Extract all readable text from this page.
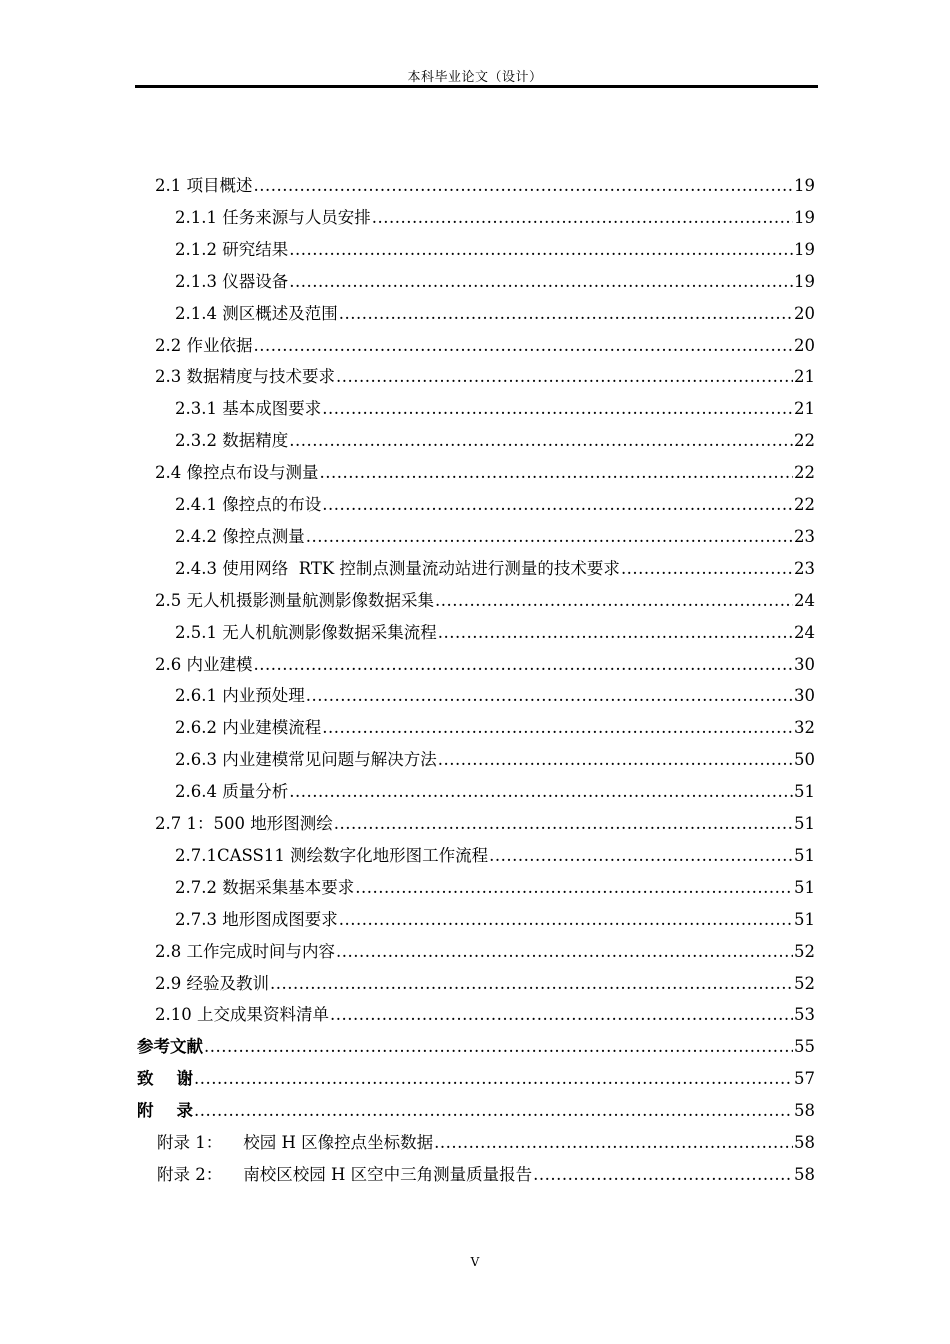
本科毕业论文（设计）
2.1 项目概述 .....	19
2.1.1 任务来源与人员安排 .....	19
2.1.2 研究结果 .....	19
2.1.3 仪器设备 .....	19
2.1.4 测区概述及范围 .....	20
2.2 作业依据 .....	20
2.3 数据精度与技术要求 .....	21
2.3.1 基本成图要求 .....	21
2.3.2 数据精度 .....	22
2.4 像控点布设与测量 .....	22
2.4.1 像控点的布设 .....	22
2.4.2 像控点测量 .....	23
2.4.3 使用网络  RTK 控制点测量流动站进行测量的技术要求 .....	23
2.5 无人机摄影测量航测影像数据采集 .....	24
2.5.1 无人机航测影像数据采集流程 .....	24
2.6 内业建模 .....	30
2.6.1 内业预处理 .....	30
2.6.2 内业建模流程 .....	32
2.6.3 内业建模常见问题与解决方法 .....	50
2.6.4 质量分析 .....	51
2.7 1：500 地形图测绘 .....	51
2.7.1CASS11 测绘数字化地形图工作流程 .....	51
2.7.2 数据采集基本要求 .....	51
2.7.3 地形图成图要求 .....	51
2.8 工作完成时间与内容 .....	52
2.9 经验及教训 .....	52
2.10 上交成果资料清单 .....	53
参考文献 .....	55
致    谢 .....	57
附    录 .....	58
附录 1：    校园 H 区像控点坐标数据 .....	58
附录 2：    南校区校园 H 区空中三角测量质量报告 .....	58
V
